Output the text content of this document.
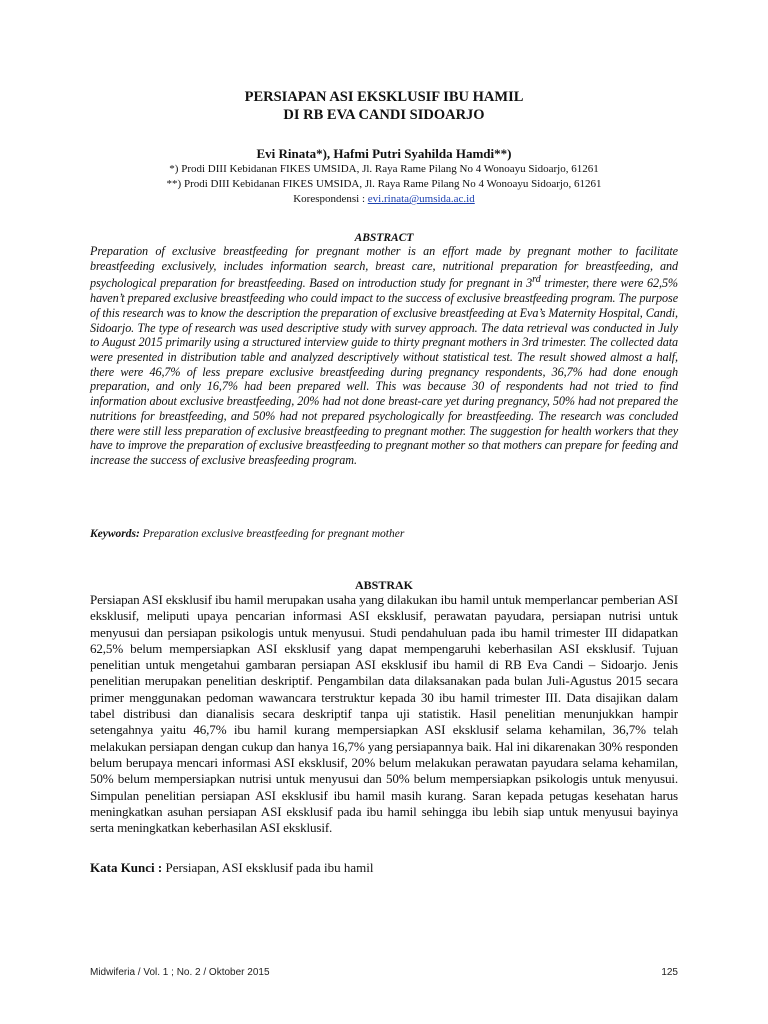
PERSIAPAN ASI EKSKLUSIF IBU HAMIL
DI RB EVA CANDI SIDOARJO
Evi Rinata*), Hafmi Putri Syahilda Hamdi**)
*) Prodi DIII Kebidanan FIKES UMSIDA, Jl. Raya Rame Pilang No 4 Wonoayu Sidoarjo, 61261
**) Prodi DIII Kebidanan FIKES UMSIDA, Jl. Raya Rame Pilang No 4 Wonoayu Sidoarjo, 61261
Korespondensi : evi.rinata@umsida.ac.id
ABSTRACT
Preparation of exclusive breastfeeding for pregnant mother is an effort made by pregnant mother to facilitate breastfeeding exclusively, includes information search, breast care, nutritional preparation for breastfeeding, and psychological preparation for breastfeeding. Based on introduction study for pregnant in 3rd trimester, there were 62,5% haven’t prepared exclusive breastfeeding who could impact to the success of exclusive breastfeeding program. The purpose of this research was to know the description the preparation of exclusive breastfeeding at Eva’s Maternity Hospital, Candi, Sidoarjo. The type of research was used descriptive study with survey approach. The data retrieval was conducted in July to August 2015 primarily using a structured interview guide to thirty pregnant mothers in 3rd trimester. The collected data were presented in distribution table and analyzed descriptively without statistical test. The result showed almost a half, there were 46,7% of less prepare exclusive breastfeeding during pregnancy respondents, 36,7% had done enough preparation, and only 16,7% had been prepared well. This was because 30 of respondents had not tried to find information about exclusive breastfeeding, 20% had not done breast-care yet during pregnancy, 50% had not prepared the nutritions for breastfeeding, and 50% had not prepared psychologically for breastfeeding. The research was concluded there were still less preparation of exclusive breastfeeding to pregnant mother. The suggestion for health workers that they have to improve the preparation of exclusive breastfeeding to pregnant mother so that mothers can prepare for feeding and increase the success of exclusive breasfeeding program.
Keywords: Preparation exclusive breastfeeding for pregnant mother
ABSTRAK
Persiapan ASI eksklusif ibu hamil merupakan usaha yang dilakukan ibu hamil untuk memperlancar pemberian ASI eksklusif, meliputi upaya pencarian informasi ASI eksklusif, perawatan payudara, persiapan nutrisi untuk menyusui dan persiapan psikologis untuk menyusui. Studi pendahuluan pada ibu hamil trimester III didapatkan 62,5% belum mempersiapkan ASI eksklusif yang dapat mempengaruhi keberhasilan ASI eksklusif. Tujuan penelitian untuk mengetahui gambaran persiapan ASI eksklusif ibu hamil di RB Eva Candi – Sidoarjo. Jenis penelitian merupakan penelitian deskriptif. Pengambilan data dilaksanakan pada bulan Juli-Agustus 2015 secara primer menggunakan pedoman wawancara terstruktur kepada 30 ibu hamil trimester III. Data disajikan dalam tabel distribusi dan dianalisis secara deskriptif tanpa uji statistik. Hasil penelitian menunjukkan hampir setengahnya yaitu 46,7% ibu hamil kurang mempersiapkan ASI eksklusif selama kehamilan, 36,7% telah melakukan persiapan dengan cukup dan hanya 16,7% yang persiapannya baik. Hal ini dikarenakan 30% responden belum berupaya mencari informasi ASI eksklusif, 20% belum melakukan perawatan payudara selama kehamilan, 50% belum mempersiapkan nutrisi untuk menyusui dan 50% belum mempersiapkan psikologis untuk menyusui. Simpulan penelitian persiapan ASI eksklusif ibu hamil masih kurang. Saran kepada petugas kesehatan harus meningkatkan asuhan persiapan ASI eksklusif pada ibu hamil sehingga ibu lebih siap untuk menyusui bayinya serta meningkatkan keberhasilan ASI eksklusif.
Kata Kunci : Persiapan, ASI eksklusif pada ibu hamil
Midwiferia / Vol. 1 ; No. 2 / Oktober 2015	125
